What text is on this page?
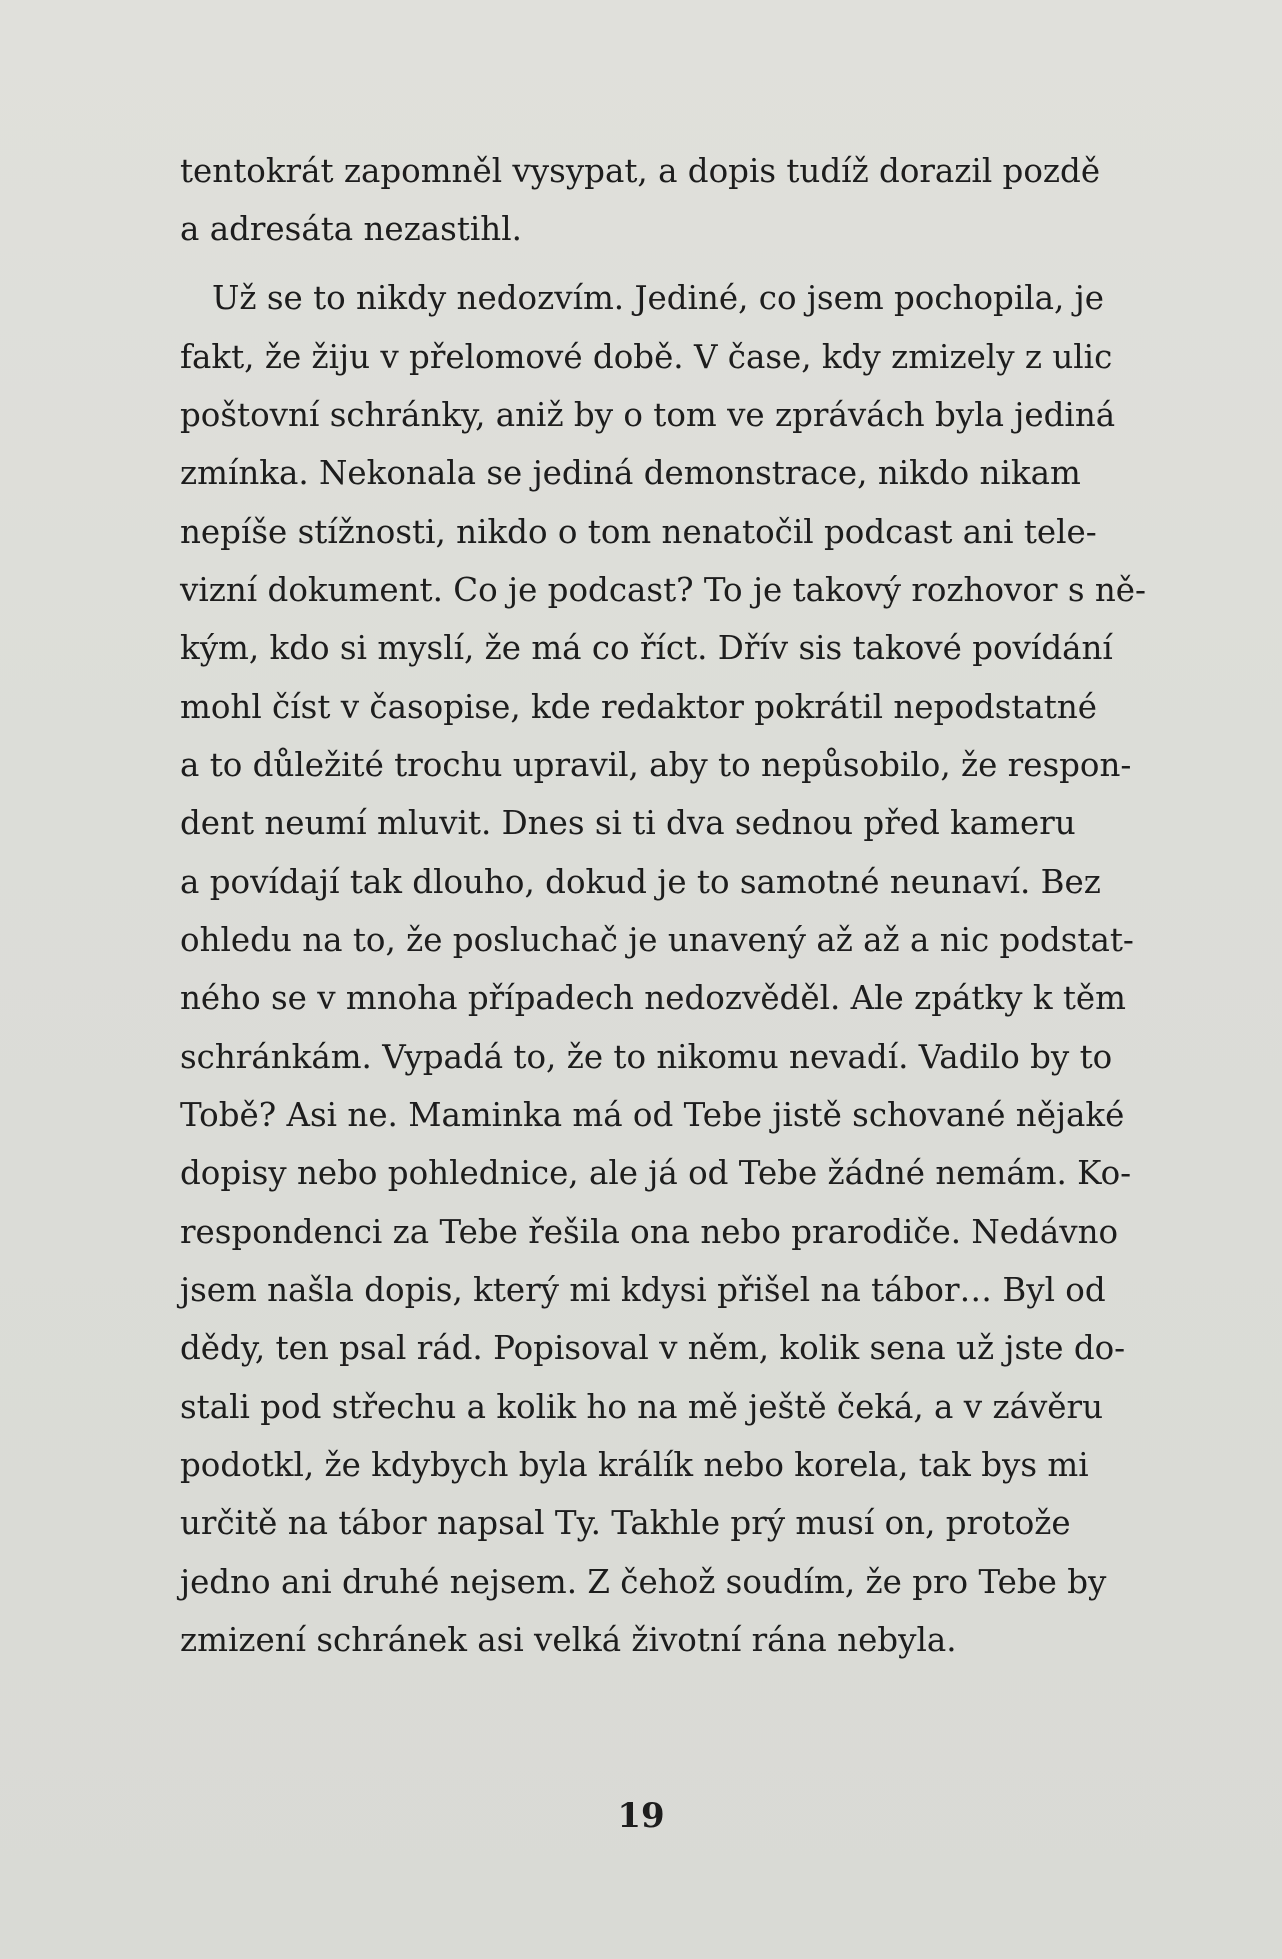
tentokrát zapomněl vysypat, a dopis tudíž dorazil pozdě
a adresáta nezastihl.
Už se to nikdy nedozvím. Jediné, co jsem pochopila, je
fakt, že žiju v přelomové době. V čase, kdy zmizely z ulic
poštovní schránky, aniž by o tom ve zprávách byla jediná
zmínka. Nekonala se jediná demonstrace, nikdo nikam
nepíše stížnosti, nikdo o tom nenatočil podcast ani tele-
vizní dokument. Co je podcast? To je takový rozhovor s ně-
kým, kdo si myslí, že má co říct. Dřív sis takové povídání
mohl číst v časopise, kde redaktor pokrátil nepodstatné
a to důležité trochu upravil, aby to nepůsobilo, že respon-
dent neumí mluvit. Dnes si ti dva sednou před kameru
a povídají tak dlouho, dokud je to samotné neunaví. Bez
ohledu na to, že posluchač je unavený až až a nic podstat-
ného se v mnoha případech nedozvěděl. Ale zpátky k těm
schránkám. Vypadá to, že to nikomu nevadí. Vadilo by to
Tobě? Asi ne. Maminka má od Tebe jistě schované nějaké
dopisy nebo pohlednice, ale já od Tebe žádné nemám. Ko-
respondenci za Tebe řešila ona nebo prarodiče. Nedávno
jsem našla dopis, který mi kdysi přišel na tábor… Byl od
dědy, ten psal rád. Popisoval v něm, kolik sena už jste do-
stali pod střechu a kolik ho na mě ještě čeká, a v závěru
podotkl, že kdybych byla králík nebo korela, tak bys mi
určitě na tábor napsal Ty. Takhle prý musí on, protože
jedno ani druhé nejsem. Z čehož soudím, že pro Tebe by
zmizení schránek asi velká životní rána nebyla.
19
